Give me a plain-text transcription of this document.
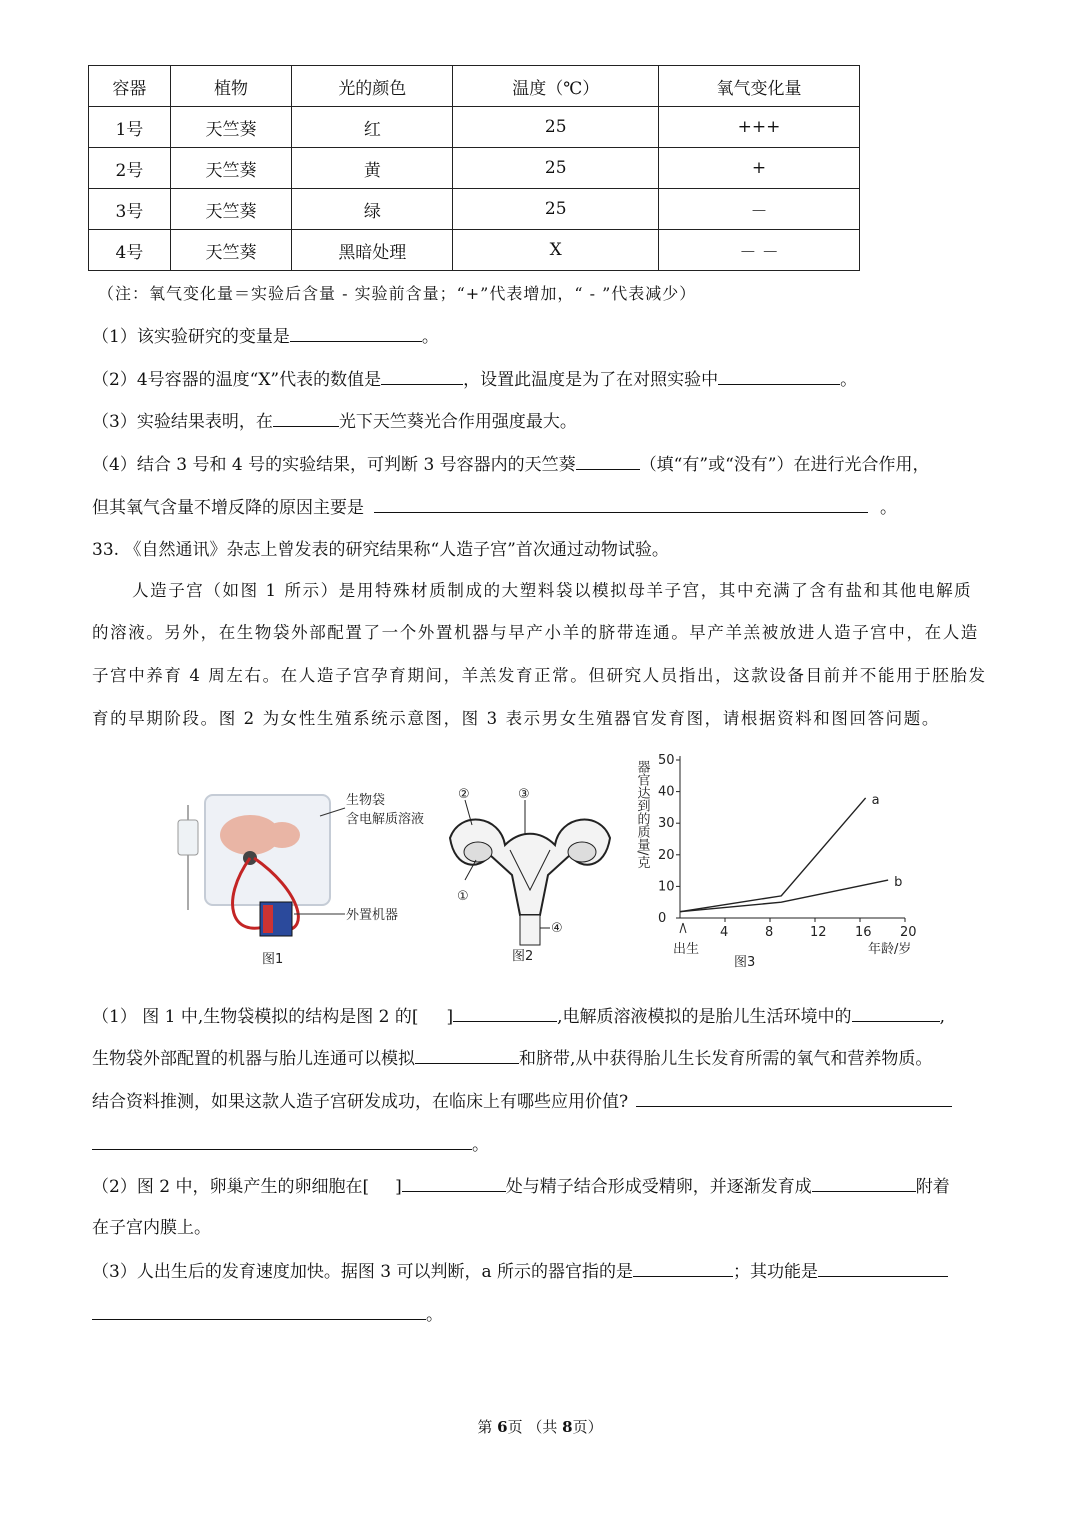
容器	植物	光的颜色	温度（℃）	氧气变化量
1号	天竺葵	红	25	+++
2号	天竺葵	黄	25	+
3号	天竺葵	绿	25	－
4号	天竺葵	黑暗处理	X	－ －
（注：氧气变化量＝实验后含量 - 实验前含量；“+”代表增加，“ - ”代表减少）
（1）该实验研究的变量是	。
（2）4号容器的温度“X”代表的数值是	，设置此温度是为了在对照实验中	。
（3）实验结果表明，在	光下天竺葵光合作用强度最大。
（4）结合 3 号和 4 号的实验结果，可判断 3 号容器内的天竺葵	（填“有”或“没有”）在进行光合作用，
但其氧气含量不增反降的原因主要是	。
33. 《自然通讯》杂志上曾发表的研究结果称“人造子宫”首次通过动物试验。
人造子宫（如图 1 所示）是用特殊材质制成的大塑料袋以模拟母羊子宫，其中充满了含有盐和其他电解质
的溶液。另外，在生物袋外部配置了一个外置机器与早产小羊的脐带连通。早产羊羔被放进人造子宫中，在人造
子宫中养育 4 周左右。在人造子宫孕育期间，羊羔发育正常。但研究人员指出，这款设备目前并不能用于胚胎发
育的早期阶段。图 2 为女性生殖系统示意图，图 3 表示男女生殖器官发育图，请根据资料和图回答问题。
生物袋
含电解质溶液
外置机器
图1
②	③
①
④
图2
器官达到的质量/克
0
10
20
30
40
50
4	8	12 16 20
a
b
出生	年龄/岁
图3
（1） 图 1 中,生物袋模拟的结构是图 2 的[ ]	,电解质溶液模拟的是胎儿生活环境中的	,
生物袋外部配置的机器与胎儿连通可以模拟	和脐带,从中获得胎儿生长发育所需的氧气和营养物质。
结合资料推测，如果这款人造子宫研发成功，在临床上有哪些应用价值?
。
（2）图 2 中，卵巢产生的卵细胞在[ ]	处与精子结合形成受精卵，并逐渐发育成	附着
在子宫内膜上。
（3）人出生后的发育速度加快。据图 3 可以判断，a 所示的器官指的是	；其功能是
。
第 6页 （共 8页）
